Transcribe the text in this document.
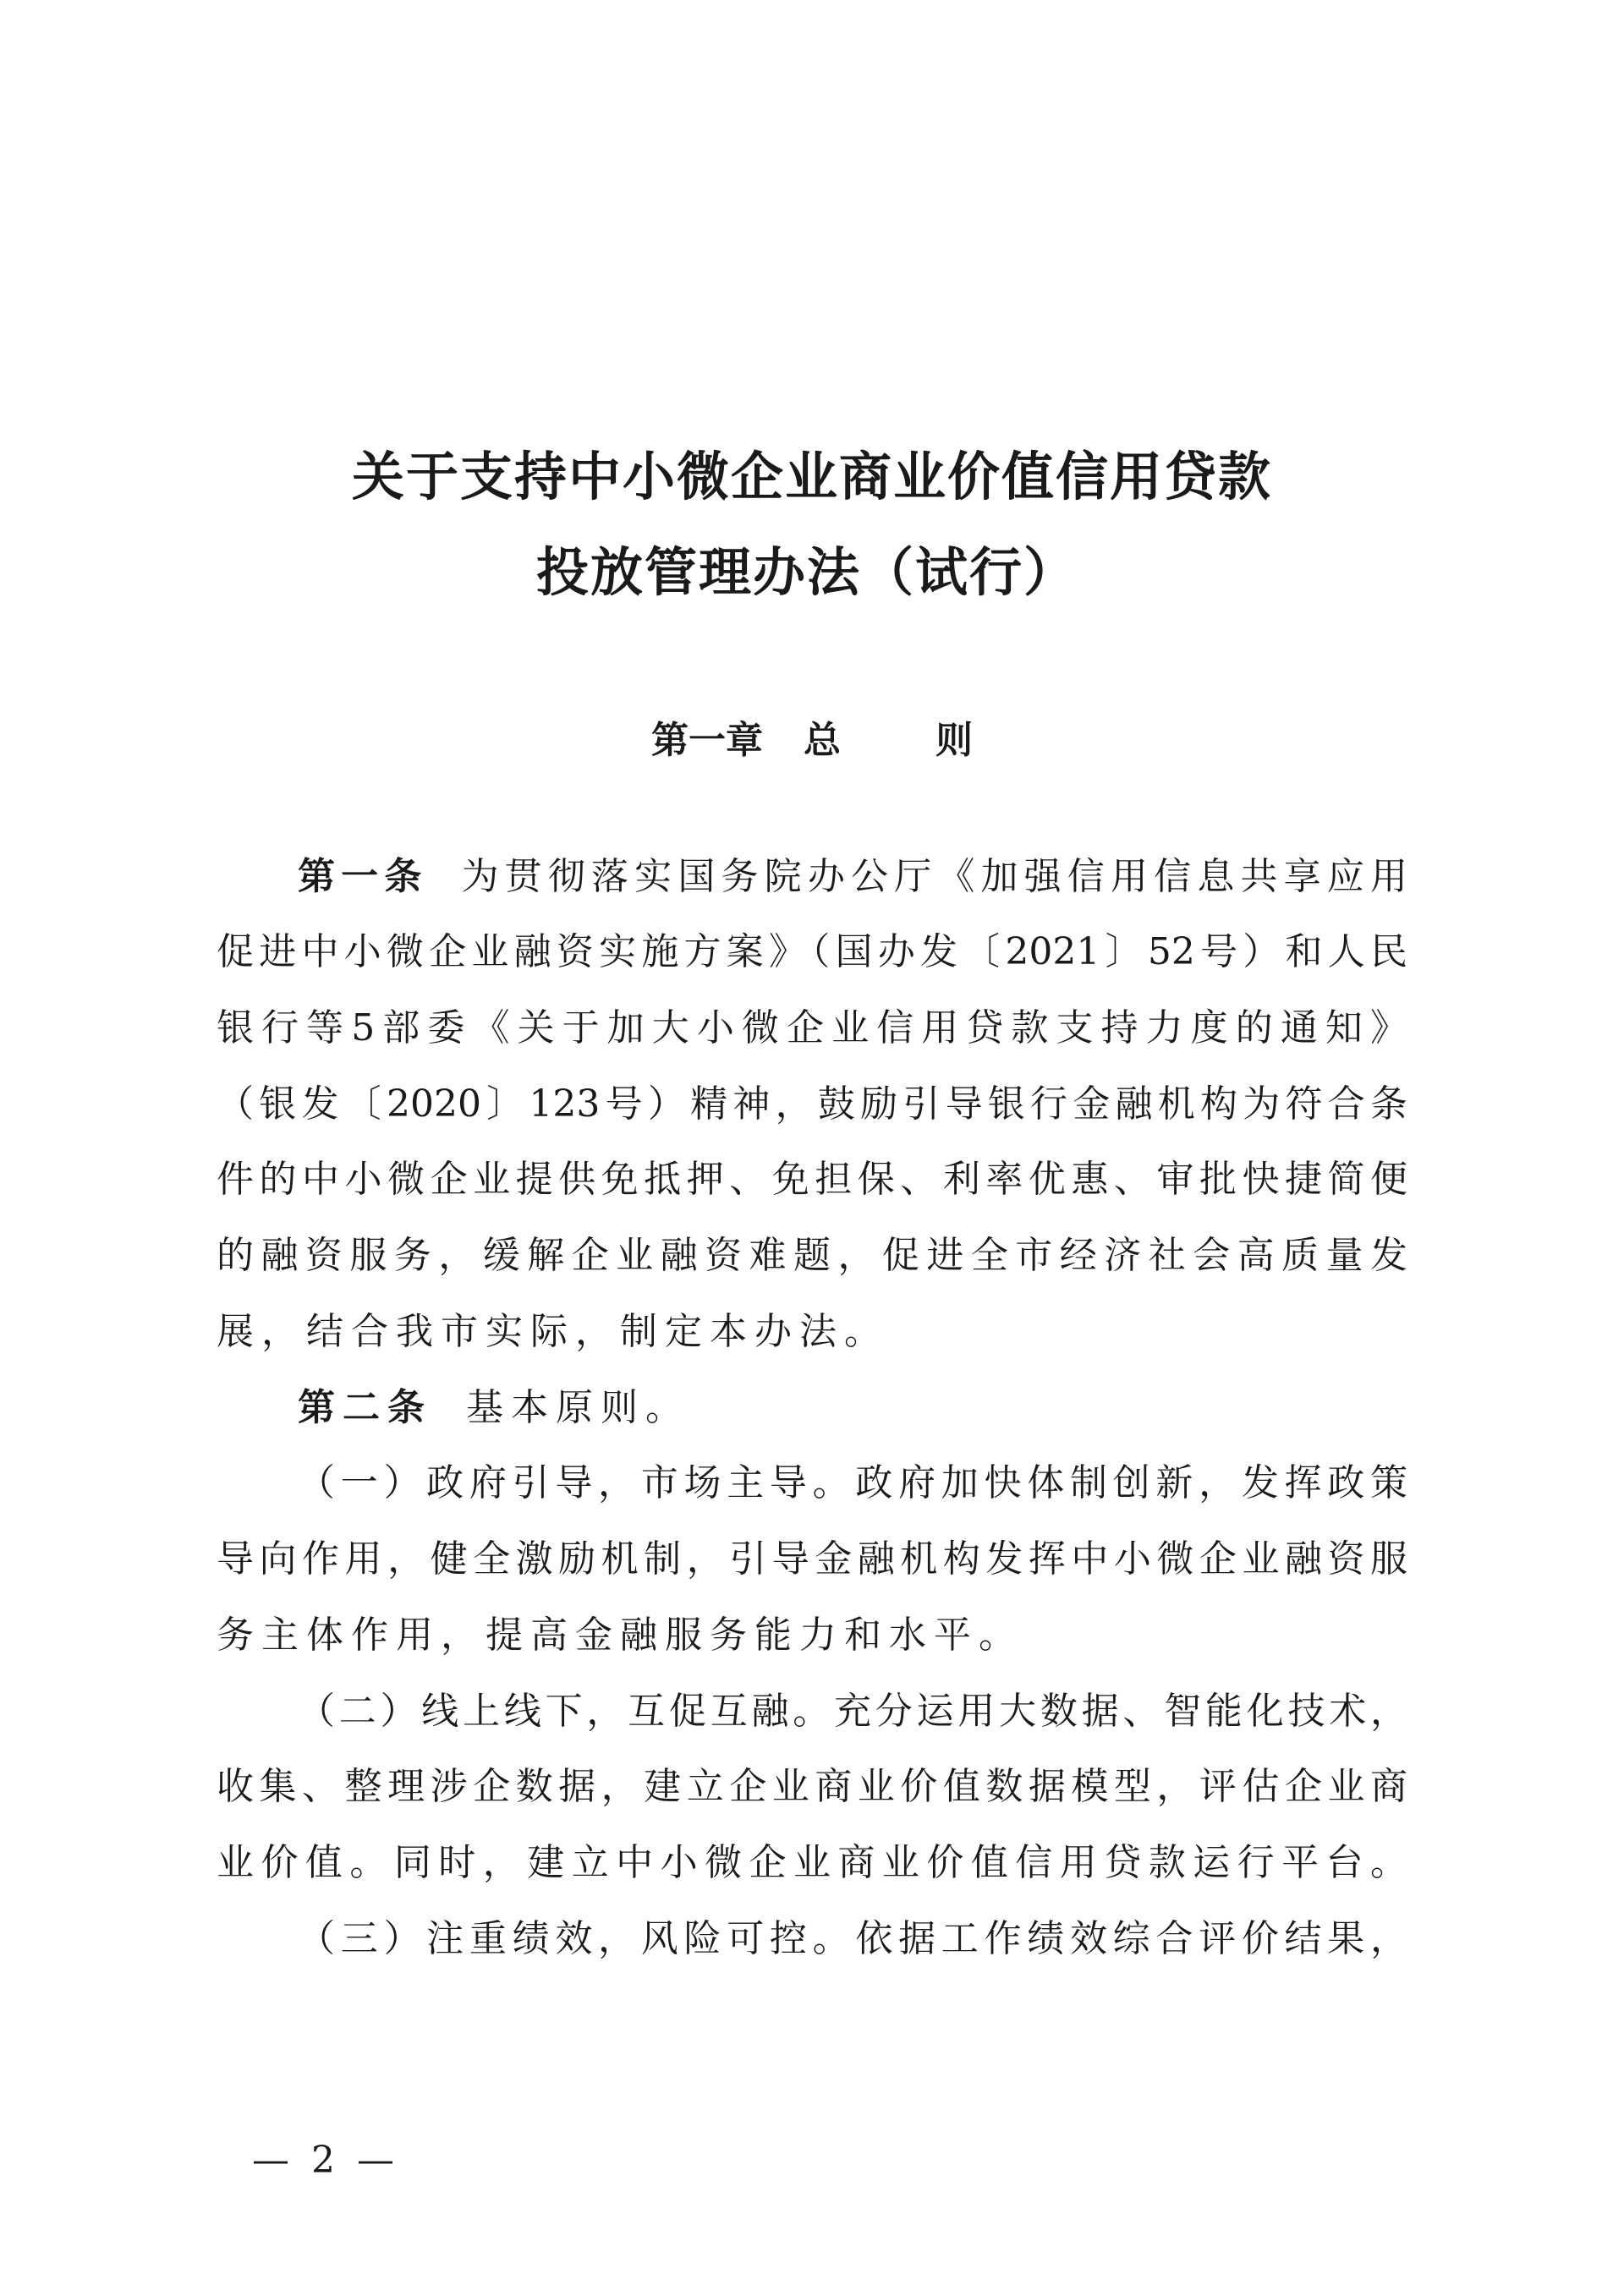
关于支持中小微企业商业价值信用贷款
投放管理办法（试行）
第一章 总	则
第一条 为贯彻落实国务院办公厅《加强信用信息共享应用
促进中小微企业融资实施方案》（国办发〔2021〕52号）和人民
银行等5部委《关于加大小微企业信用贷款支持力度的通知》
（银发〔2020〕123号）精神，鼓励引导银行金融机构为符合条
件的中小微企业提供免抵押、免担保、利率优惠、审批快捷简便
的融资服务，缓解企业融资难题，促进全市经济社会高质量发
展，结合我市实际，制定本办法。
第二条 基本原则。
（一）政府引导，市场主导。政府加快体制创新，发挥政策
导向作用，健全激励机制，引导金融机构发挥中小微企业融资服
务主体作用，提高金融服务能力和水平。
（二）线上线下，互促互融。充分运用大数据、智能化技术，
收集、整理涉企数据，建立企业商业价值数据模型，评估企业商
业价值。同时，建立中小微企业商业价值信用贷款运行平台。
（三）注重绩效，风险可控。依据工作绩效综合评价结果，
— 2 —
